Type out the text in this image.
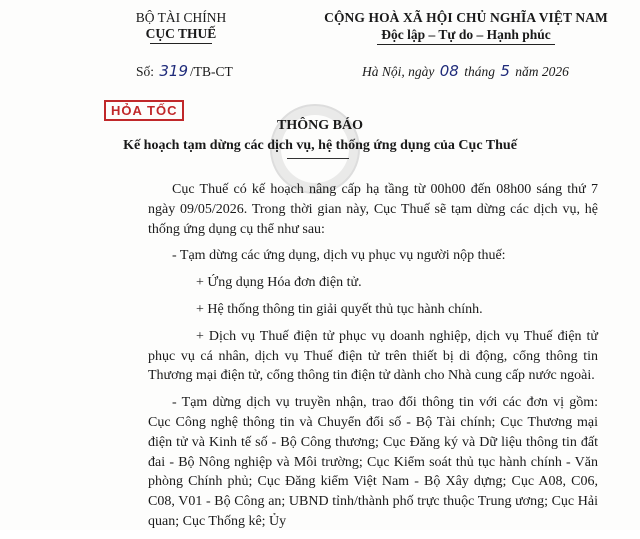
BỘ TÀI CHÍNH
CỤC THUẾ
CỘNG HOÀ XÃ HỘI CHỦ NGHĨA VIỆT NAM
Độc lập – Tự do – Hạnh phúc
Số: 319 /TB-CT	Hà Nội, ngày 08 tháng 5 năm 2026
HỎA TỐC
THÔNG BÁO
Kế hoạch tạm dừng các dịch vụ, hệ thống ứng dụng của Cục Thuế

Cục Thuế có kế hoạch nâng cấp hạ tầng từ 00h00 đến 08h00 sáng thứ 7 ngày 09/05/2026. Trong thời gian này, Cục Thuế sẽ tạm dừng các dịch vụ, hệ thống ứng dụng cụ thể như sau:

- Tạm dừng các ứng dụng, dịch vụ phục vụ người nộp thuế:

+ Ứng dụng Hóa đơn điện tử.

+ Hệ thống thông tin giải quyết thủ tục hành chính.

+ Dịch vụ Thuế điện tử phục vụ doanh nghiệp, dịch vụ Thuế điện tử phục vụ cá nhân, dịch vụ Thuế điện tử trên thiết bị di động, cổng thông tin Thương mại điện tử, cổng thông tin điện tử dành cho Nhà cung cấp nước ngoài.

- Tạm dừng dịch vụ truyền nhận, trao đổi thông tin với các đơn vị gồm: Cục Công nghệ thông tin và Chuyển đổi số - Bộ Tài chính; Cục Thương mại điện tử và Kinh tế số - Bộ Công thương; Cục Đăng ký và Dữ liệu thông tin đất đai - Bộ Nông nghiệp và Môi trường; Cục Kiểm soát thủ tục hành chính - Văn phòng Chính phủ; Cục Đăng kiểm Việt Nam - Bộ Xây dựng; Cục A08, C06, C08, V01 - Bộ Công an; UBND tỉnh/thành phố trực thuộc Trung ương; Cục Hải quan; Cục Thống kê; Ủy
